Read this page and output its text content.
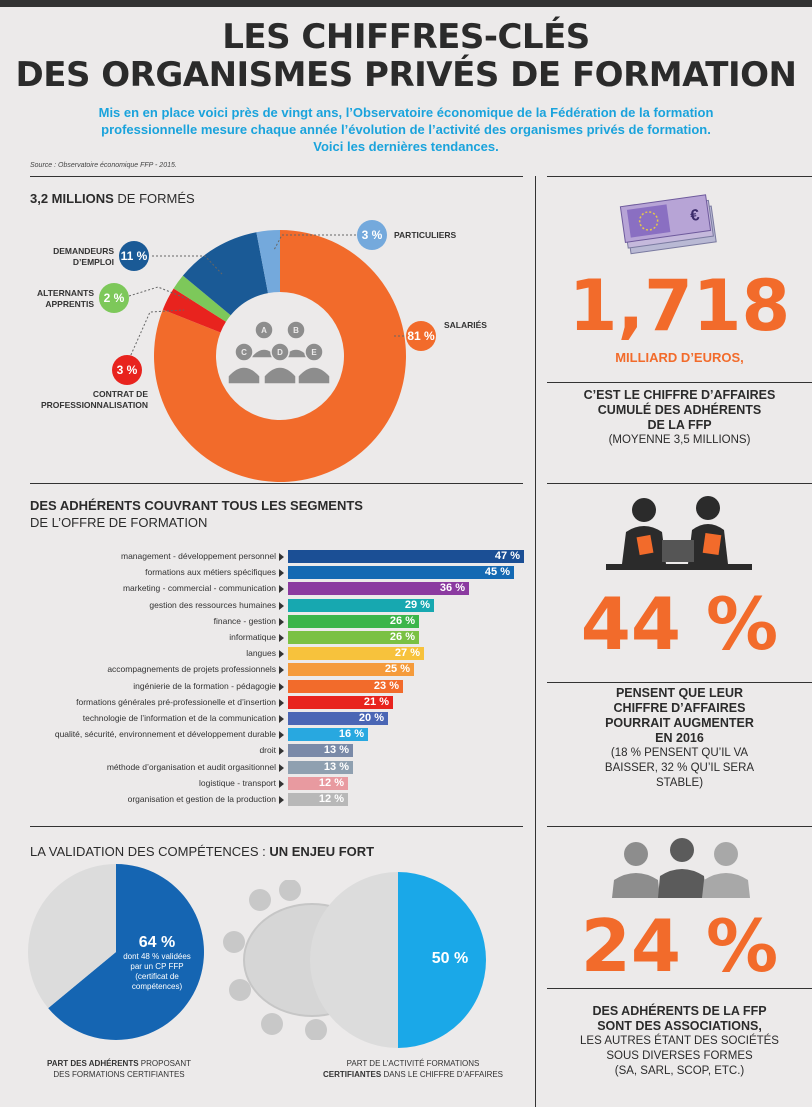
LES CHIFFRES-CLÉS
DES ORGANISMES PRIVÉS DE FORMATION
Mis en en place voici près de vingt ans, l’Observatoire économique de la Fédération de la formation
professionnelle mesure chaque année l’évolution de l’activité des organismes privés de formation.
Voici les dernières tendances.
Source : Observatoire économique FFP - 2015.
3,2 MILLIONS DE FORMÉS
A	B
C	D	E
DEMANDEURS
D’EMPLOI 11 %
ALTERNANTS
APPRENTIS 2 %
3 %
CONTRAT DE
PROFESSIONNALISATION
3 %	PARTICULIERS
81 %
SALARIÉS
DES ADHÉRENTS COUVRANT TOUS LES SEGMENTS
DE L’OFFRE DE FORMATION
management - développement personnel	47 %
formations aux métiers spécifiques	45 %
marketing - commercial - communication	36 %
gestion des ressources humaines	29 %
finance - gestion	26 %
informatique	26 %
langues	27 %
accompagnements de projets professionnels	25 %
ingénierie de la formation - pédagogie	23 %
formations générales pré-professionelle et d’insertion	21 %
technologie de l’information et de la communication	20 %
qualité, sécurité, environnement et développement durable	16 %
droit	13 %
méthode d’organisation et audit orgasitionnel	13 %
logistique - transport	12 %
organisation et gestion de la production	12 %
LA VALIDATION DES COMPÉTENCES : UN ENJEU FORT
64 %
dont 48 % validées
par un CP FFP
(certificat de
compétences)
PART DES ADHÉRENTS PROPOSANT
DES FORMATIONS CERTIFIANTES
50 %
PART DE L’ACTIVITÉ FORMATIONS
CERTIFIANTES DANS LE CHIFFRE D’AFFAIRES
€
1,718
MILLIARD D’EUROS,
C’EST LE CHIFFRE D’AFFAIRES
CUMULÉ DES ADHÉRENTS
DE LA FFP
(MOYENNE 3,5 MILLIONS)
44 %
PENSENT QUE LEUR
CHIFFRE D’AFFAIRES
POURRAIT AUGMENTER
EN 2016
(18 % PENSENT QU’IL VA
BAISSER, 32 % QU’IL SERA
STABLE)
24 %
DES ADHÉRENTS DE LA FFP
SONT DES ASSOCIATIONS,
LES AUTRES ÉTANT DES SOCIÉTÉS
SOUS DIVERSES FORMES
(SA, SARL, SCOP, ETC.)
